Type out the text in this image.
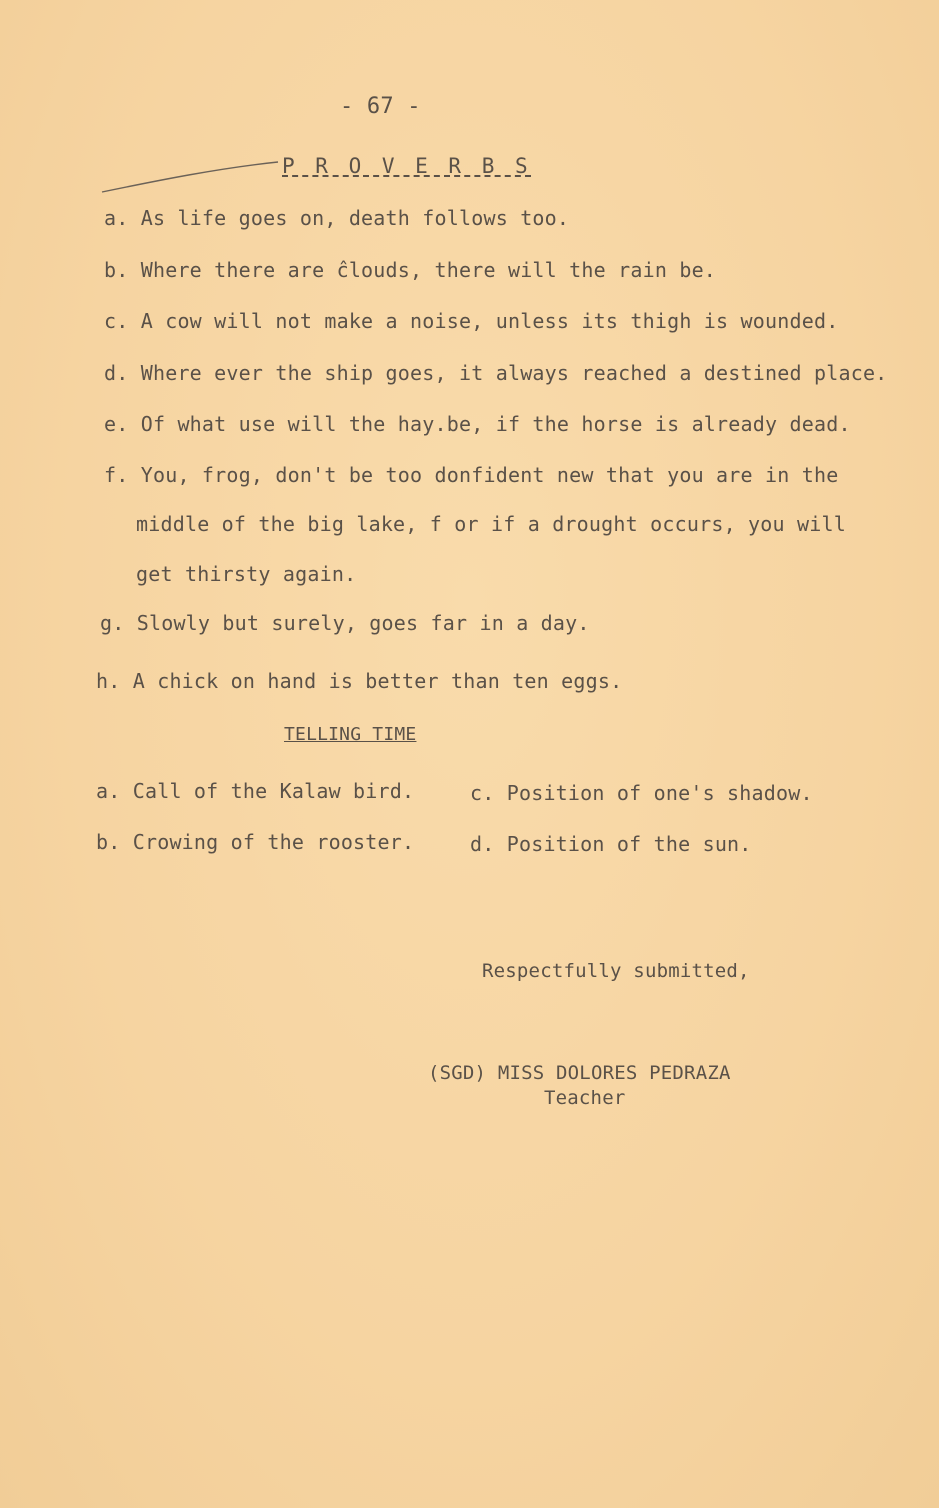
- 67 -
P R O V E R B S
a. As life goes on, death follows too.
b. Where there are ĉlouds, there will the rain be.
c. A cow will not make a noise, unless its thigh is wounded.
d. Where ever the ship goes, it always reached a destined place.
e. Of what use will the hay.be, if the horse is already dead.
f. You, frog, don't be too donfident new that you are in the
middle of the big lake, f or if a drought occurs, you will
get thirsty again.
g. Slowly but surely, goes far in a day.
h. A chick on hand is better than ten eggs.
TELLING TIME
a. Call of the Kalaw bird.	c. Position of one's shadow.
b. Crowing of the rooster.	d. Position of the sun.
Respectfully submitted,
(SGD) MISS DOLORES PEDRAZA
Teacher
